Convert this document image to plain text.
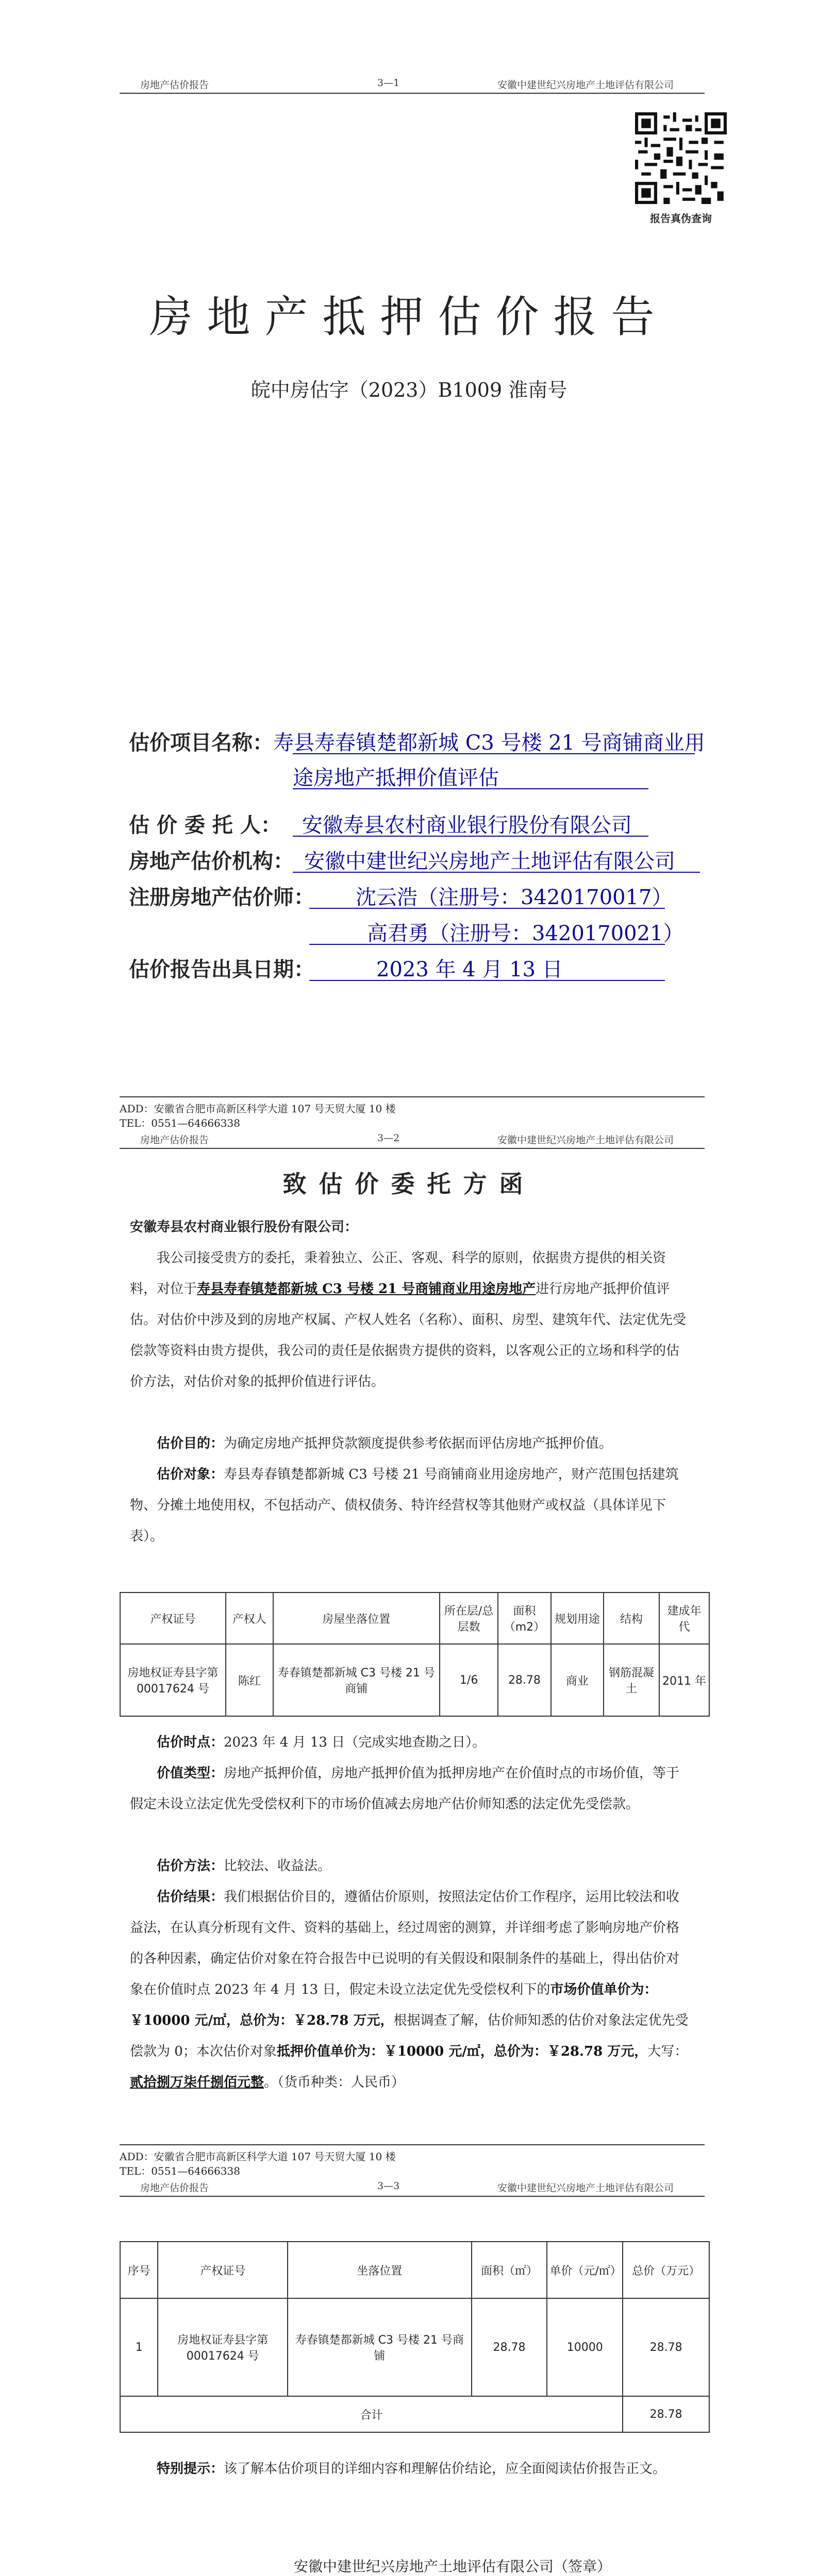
房地产估价报告	3—1	安徽中建世纪兴房地产土地评估有限公司
报告真伪查询
房地产抵押估价报告
皖中房估字（2023）B1009 淮南号
估价项目名称：寿县寿春镇楚都新城 C3 号楼 21 号商铺商业用
途房地产抵押价值评估
估 价 委 托 人： 安徽寿县农村商业银行股份有限公司
房地产估价机构： 安徽中建世纪兴房地产土地评估有限公司
注册房地产估价师： 沈云浩（注册号：3420170017）
高君勇（注册号：3420170021）
估价报告出具日期：	2023 年 4 月 13 日
ADD：安徽省合肥市高新区科学大道 107 号天贸大厦 10 楼
TEL：0551—64666338
房地产估价报告	3—2	安徽中建世纪兴房地产土地评估有限公司
致估价委托方函
安徽寿县农村商业银行股份有限公司：
我公司接受贵方的委托，秉着独立、公正、客观、科学的原则，依据贵方提供的相关资料，对位于寿县寿春镇楚都新城 C3 号楼 21 号商铺商业用途房地产进行房地产抵押价值评估。对估价中涉及到的房地产权属、产权人姓名（名称）、面积、房型、建筑年代、法定优先受偿款等资料由贵方提供，我公司的责任是依据贵方提供的资料，以客观公正的立场和科学的估价方法，对估价对象的抵押价值进行评估。
估价目的：为确定房地产抵押贷款额度提供参考依据而评估房地产抵押价值。
估价对象：寿县寿春镇楚都新城 C3 号楼 21 号商铺商业用途房地产，财产范围包括建筑物、分摊土地使用权，不包括动产、债权债务、特许经营权等其他财产或权益（具体详见下表）。
产权证号	产权人	房屋坐落位置	所在层/总层数	面积（m2）	规划用途	结构	建成年代
房地权证寿县字第 00017624 号	陈红	寿春镇楚都新城 C3 号楼 21 号商铺	1/6	28.78	商业	钢筋混凝土	2011 年
估价时点：2023 年 4 月 13 日（完成实地查勘之日）。
价值类型：房地产抵押价值，房地产抵押价值为抵押房地产在价值时点的市场价值，等于假定未设立法定优先受偿权利下的市场价值减去房地产估价师知悉的法定优先受偿款。
估价方法：比较法、收益法。
估价结果：我们根据估价目的，遵循估价原则，按照法定估价工作程序，运用比较法和收益法，在认真分析现有文件、资料的基础上，经过周密的测算，并详细考虑了影响房地产价格的各种因素，确定估价对象在符合报告中已说明的有关假设和限制条件的基础上，得出估价对象在价值时点 2023 年 4 月 13 日，假定未设立法定优先受偿权利下的市场价值单价为：￥10000 元/㎡，总价为：￥28.78 万元，根据调查了解，估价师知悉的估价对象法定优先受偿款为 0；本次估价对象抵押价值单价为：￥10000 元/㎡，总价为：￥28.78 万元，大写：贰拾捌万柒仟捌佰元整。（货币种类：人民币）
ADD：安徽省合肥市高新区科学大道 107 号天贸大厦 10 楼
TEL：0551—64666338
房地产估价报告	3—3	安徽中建世纪兴房地产土地评估有限公司
序号	产权证号	坐落位置	面积（㎡）	单价（元/㎡）	总价（万元）
1	房地权证寿县字第 00017624 号	寿春镇楚都新城 C3 号楼 21 号商铺	28.78	10000	28.78
合计					28.78
特别提示：该了解本估价项目的详细内容和理解估价结论，应全面阅读估价报告正文。
安徽中建世纪兴房地产土地评估有限公司（签章）
